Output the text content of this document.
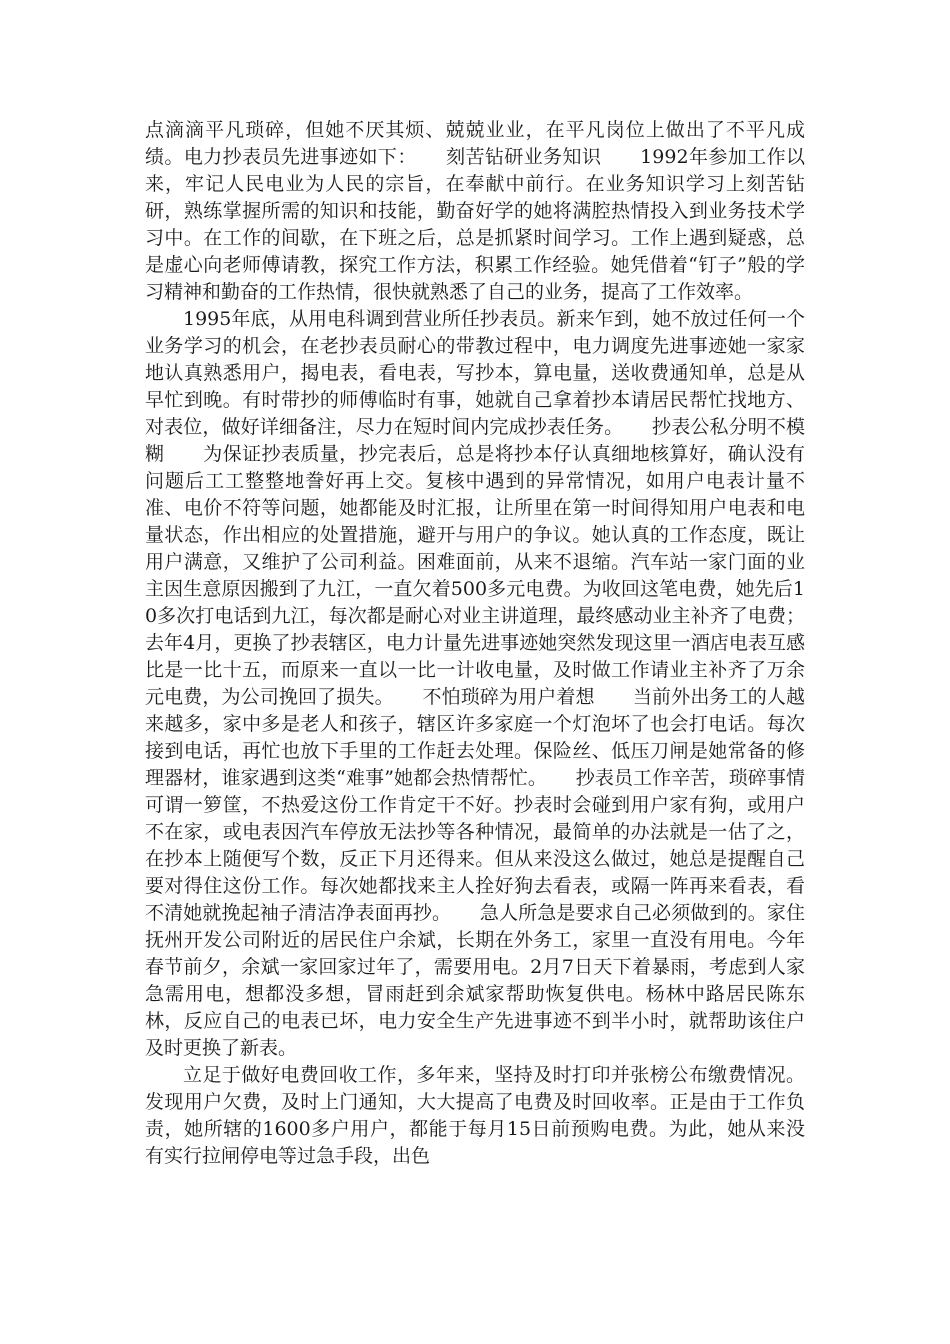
点滴滴平凡琐碎，但她不厌其烦、兢兢业业，在平凡岗位上做出了不平凡成绩。电力抄表员先进事迹如下：　　刻苦钻研业务知识　　1992年参加工作以来，牢记人民电业为人民的宗旨，在奉献中前行。在业务知识学习上刻苦钻研，熟练掌握所需的知识和技能，勤奋好学的她将满腔热情投入到业务技术学习中。在工作的间歇，在下班之后，总是抓紧时间学习。工作上遇到疑惑，总是虚心向老师傅请教，探究工作方法，积累工作经验。她凭借着“钉子”般的学习精神和勤奋的工作热情，很快就熟悉了自己的业务，提高了工作效率。

1995年底，从用电科调到营业所任抄表员。新来乍到，她不放过任何一个业务学习的机会，在老抄表员耐心的带教过程中，电力调度先进事迹她一家家地认真熟悉用户，揭电表，看电表，写抄本，算电量，送收费通知单，总是从早忙到晚。有时带抄的师傅临时有事，她就自己拿着抄本请居民帮忙找地方、对表位，做好详细备注，尽力在短时间内完成抄表任务。　　抄表公私分明不模糊　　为保证抄表质量，抄完表后，总是将抄本仔认真细地核算好，确认没有问题后工工整整地誊好再上交。复核中遇到的异常情况，如用户电表计量不准、电价不符等问题，她都能及时汇报，让所里在第一时间得知用户电表和电量状态，作出相应的处置措施，避开与用户的争议。她认真的工作态度，既让用户满意，又维护了公司利益。困难面前，从来不退缩。汽车站一家门面的业主因生意原因搬到了九江，一直欠着500多元电费。为收回这笔电费，她先后10多次打电话到九江，每次都是耐心对业主讲道理，最终感动业主补齐了电费；去年4月，更换了抄表辖区，电力计量先进事迹她突然发现这里一酒店电表互感比是一比十五，而原来一直以一比一计收电量，及时做工作请业主补齐了万余元电费，为公司挽回了损失。　　不怕琐碎为用户着想　　当前外出务工的人越来越多，家中多是老人和孩子，辖区许多家庭一个灯泡坏了也会打电话。每次接到电话，再忙也放下手里的工作赶去处理。保险丝、低压刀闸是她常备的修理器材，谁家遇到这类“难事”她都会热情帮忙。　　抄表员工作辛苦，琐碎事情可谓一箩筐，不热爱这份工作肯定干不好。抄表时会碰到用户家有狗，或用户不在家，或电表因汽车停放无法抄等各种情况，最简单的办法就是一估了之，在抄本上随便写个数，反正下月还得来。但从来没这么做过，她总是提醒自己要对得住这份工作。每次她都找来主人拴好狗去看表，或隔一阵再来看表，看不清她就挽起袖子清洁净表面再抄。　　急人所急是要求自己必须做到的。家住抚州开发公司附近的居民住户余斌，长期在外务工，家里一直没有用电。今年春节前夕，余斌一家回家过年了，需要用电。2月7日天下着暴雨，考虑到人家急需用电，想都没多想，冒雨赶到余斌家帮助恢复供电。杨林中路居民陈东林，反应自己的电表已坏，电力安全生产先进事迹不到半小时，就帮助该住户及时更换了新表。

立足于做好电费回收工作，多年来，坚持及时打印并张榜公布缴费情况。发现用户欠费，及时上门通知，大大提高了电费及时回收率。正是由于工作负责，她所辖的1600多户用户，都能于每月15日前预购电费。为此，她从来没有实行拉闸停电等过急手段，出色
